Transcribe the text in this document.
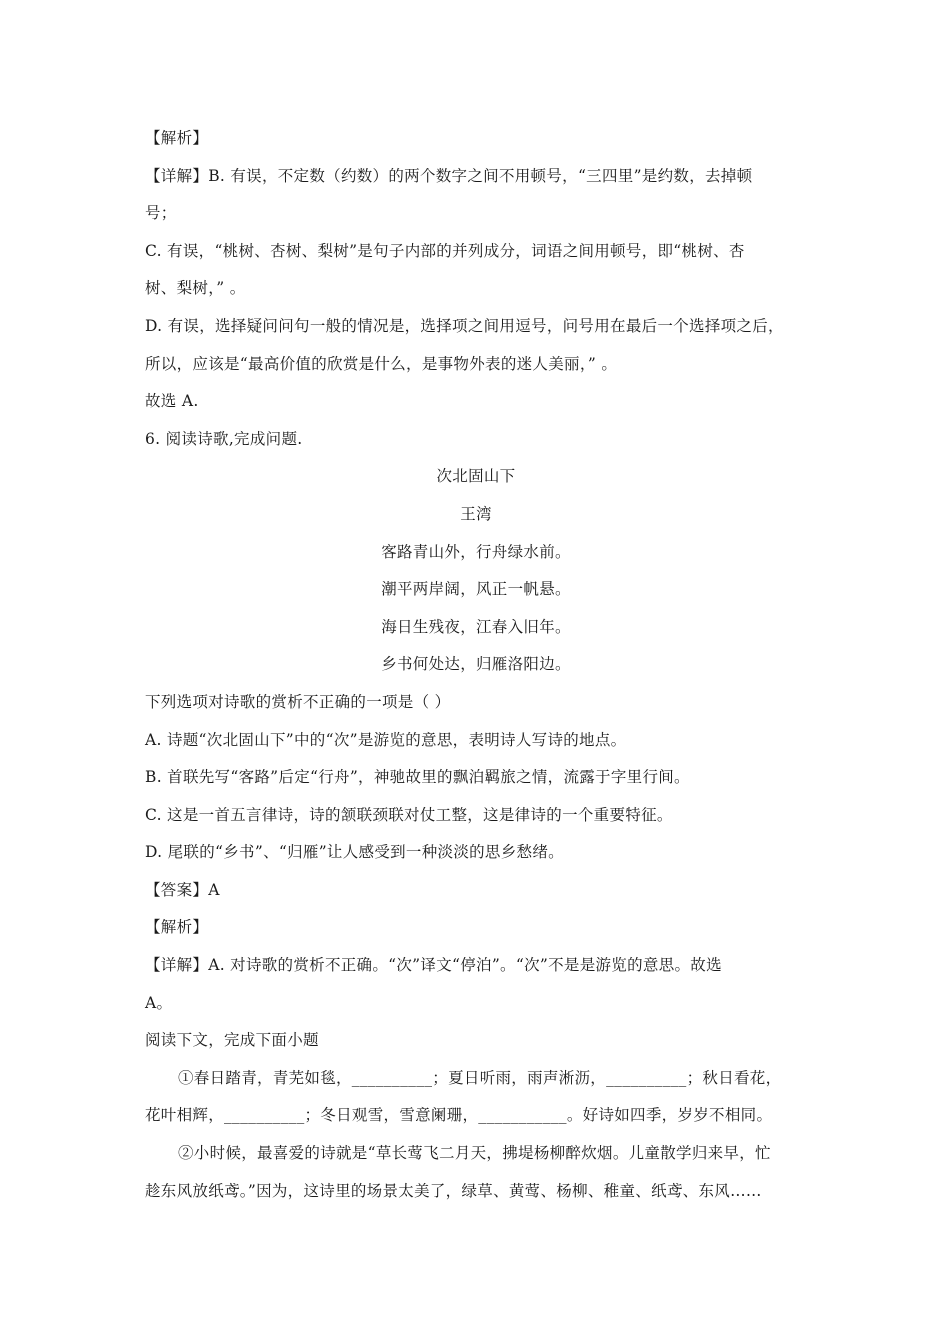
【解析】
【详解】B. 有误，不定数（约数）的两个数字之间不用顿号，“三四里”是约数，去掉顿
号；
C. 有误，“桃树、杏树、梨树”是句子内部的并列成分，词语之间用顿号，即“桃树、杏
树、梨树，” 。
D. 有误，选择疑问问句一般的情况是，选择项之间用逗号，问号用在最后一个选择项之后，
所以，应该是“最高价值的欣赏是什么，是事物外表的迷人美丽，” 。
故选 A.
6. 阅读诗歌,完成问题.
次北固山下
王湾
客路青山外，行舟绿水前。
潮平两岸阔，风正一帆悬。
海日生残夜，江春入旧年。
乡书何处达，归雁洛阳边。
下列选项对诗歌的赏析不正确的一项是（ ）
A. 诗题“次北固山下”中的“次”是游览的意思，表明诗人写诗的地点。
B. 首联先写“客路”后定“行舟”，神驰故里的飘泊羁旅之情，流露于字里行间。
C. 这是一首五言律诗，诗的颔联颈联对仗工整，这是律诗的一个重要特征。
D. 尾联的“乡书”、“归雁”让人感受到一种淡淡的思乡愁绪。
【答案】A
【解析】
【详解】A. 对诗歌的赏析不正确。“次”译文“停泊”。“次”不是是游览的意思。故选
A。
阅读下文，完成下面小题
①春日踏青，青芜如毯，__________；夏日听雨，雨声淅沥，__________；秋日看花，
花叶相辉，__________；冬日观雪，雪意阑珊，___________。好诗如四季，岁岁不相同。
②小时候，最喜爱的诗就是“草长莺飞二月天，拂堤杨柳醉炊烟。儿童散学归来早，忙
趁东风放纸鸢。”因为，这诗里的场景太美了，绿草、黄莺、杨柳、稚童、纸鸢、东风……
